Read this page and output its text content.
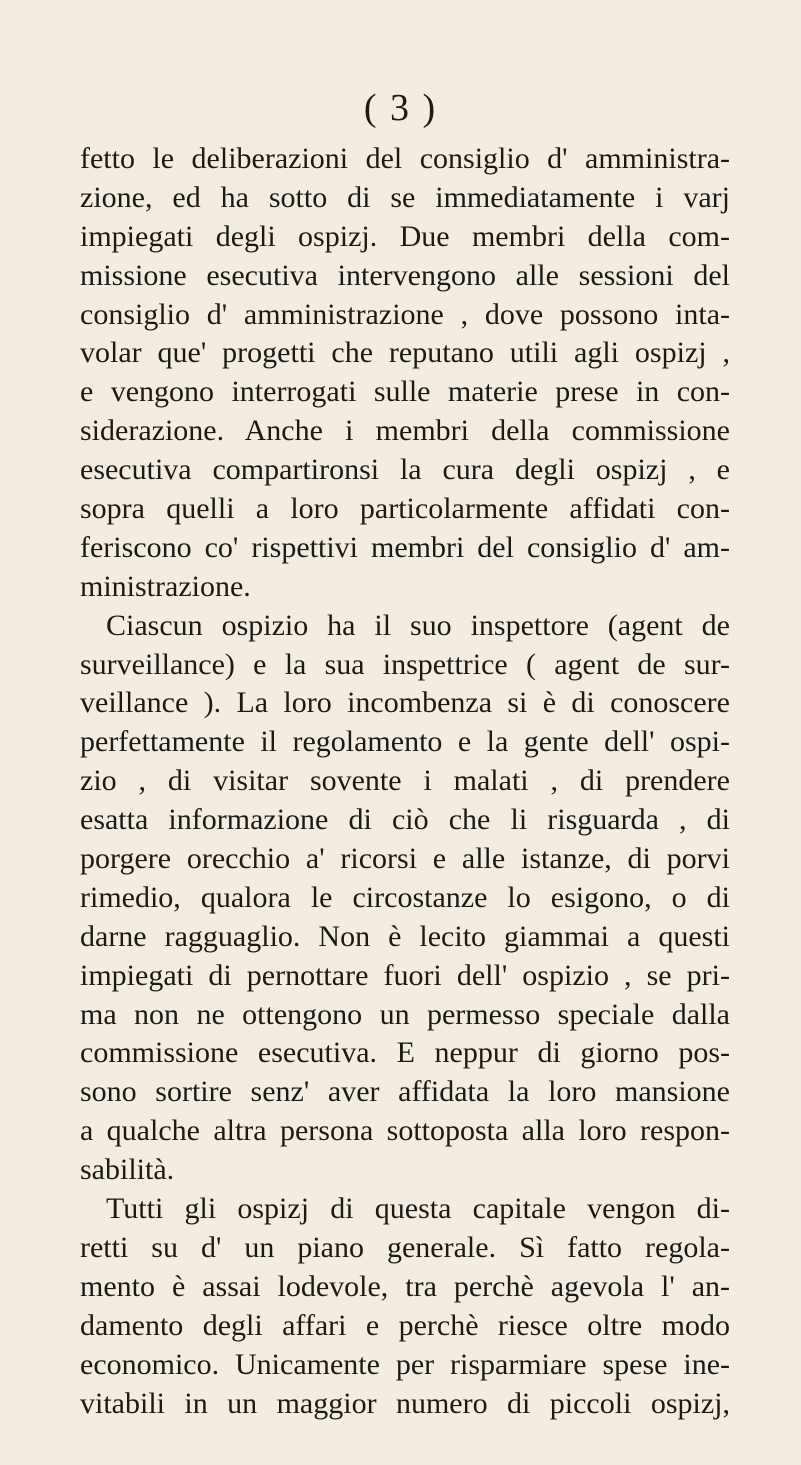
( 3 )
fetto le deliberazioni del consiglio d' amministra-
zione, ed ha sotto di se immediatamente i varj
impiegati degli ospizj. Due membri della com-
missione esecutiva intervengono alle sessioni del
consiglio d' amministrazione , dove possono inta-
volar que' progetti che reputano utili agli ospizj ,
e vengono interrogati sulle materie prese in con-
siderazione. Anche i membri della commissione
esecutiva compartironsi la cura degli ospizj , e
sopra quelli a loro particolarmente affidati con-
feriscono co' rispettivi membri del consiglio d' am-
ministrazione.
Ciascun ospizio ha il suo inspettore (agent de
surveillance) e la sua inspettrice ( agent de sur-
veillance ). La loro incombenza si è di conoscere
perfettamente il regolamento e la gente dell' ospi-
zio , di visitar sovente i malati , di prendere
esatta informazione di ciò che li risguarda , di
porgere orecchio a' ricorsi e alle istanze, di porvi
rimedio, qualora le circostanze lo esigono, o di
darne ragguaglio. Non è lecito giammai a questi
impiegati di pernottare fuori dell' ospizio , se pri-
ma non ne ottengono un permesso speciale dalla
commissione esecutiva. E neppur di giorno pos-
sono sortire senz' aver affidata la loro mansione
a qualche altra persona sottoposta alla loro respon-
sabilità.
Tutti gli ospizj di questa capitale vengon di-
retti su d' un piano generale. Sì fatto regola-
mento è assai lodevole, tra perchè agevola l' an-
damento degli affari e perchè riesce oltre modo
economico. Unicamente per risparmiare spese ine-
vitabili in un maggior numero di piccoli ospizj,
